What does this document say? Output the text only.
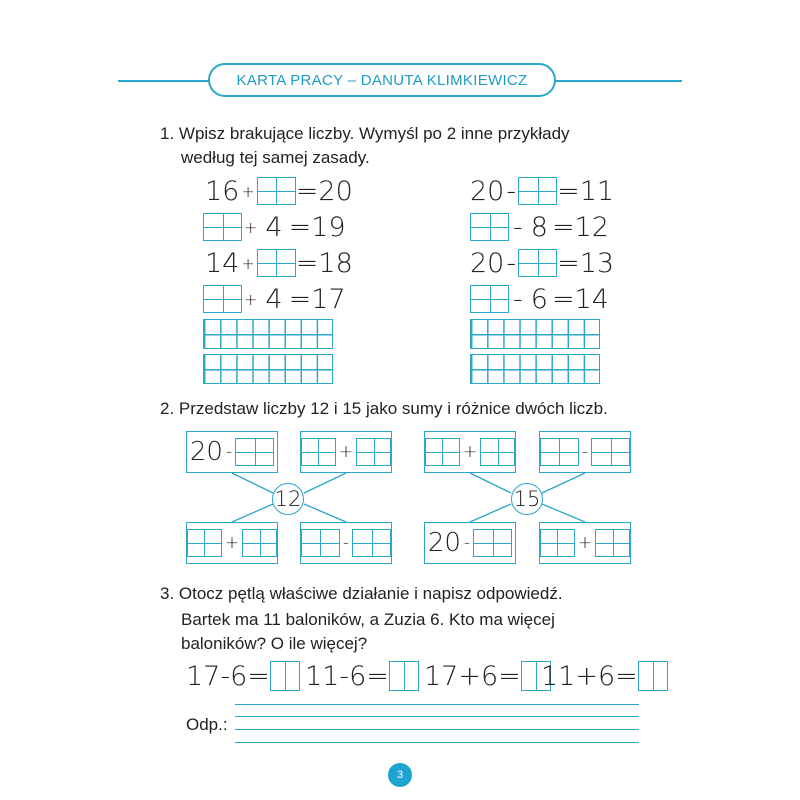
KARTA PRACY – DANUTA KLIMKIEWICZ
1. Wpisz brakujące liczby. Wymyśl po 2 inne przykłady
według tej samej zasady.
16 + =20
+ 4 =19
14 + =18
+ 4 =17
20 - =11
- 8 =12
20 - =13
- 6 =14
2. Przedstaw liczby 12 i 15 jako sumy i różnice dwóch liczb.
20 -	+	+	-
12	15
+	-	20 -	+
3. Otocz pętlą właściwe działanie i napisz odpowiedź.
Bartek ma 11 baloników, a Zuzia 6. Kto ma więcej
baloników? O ile więcej?
17-6= 11-6= 17+6= 11+6=
Odp.:
3
